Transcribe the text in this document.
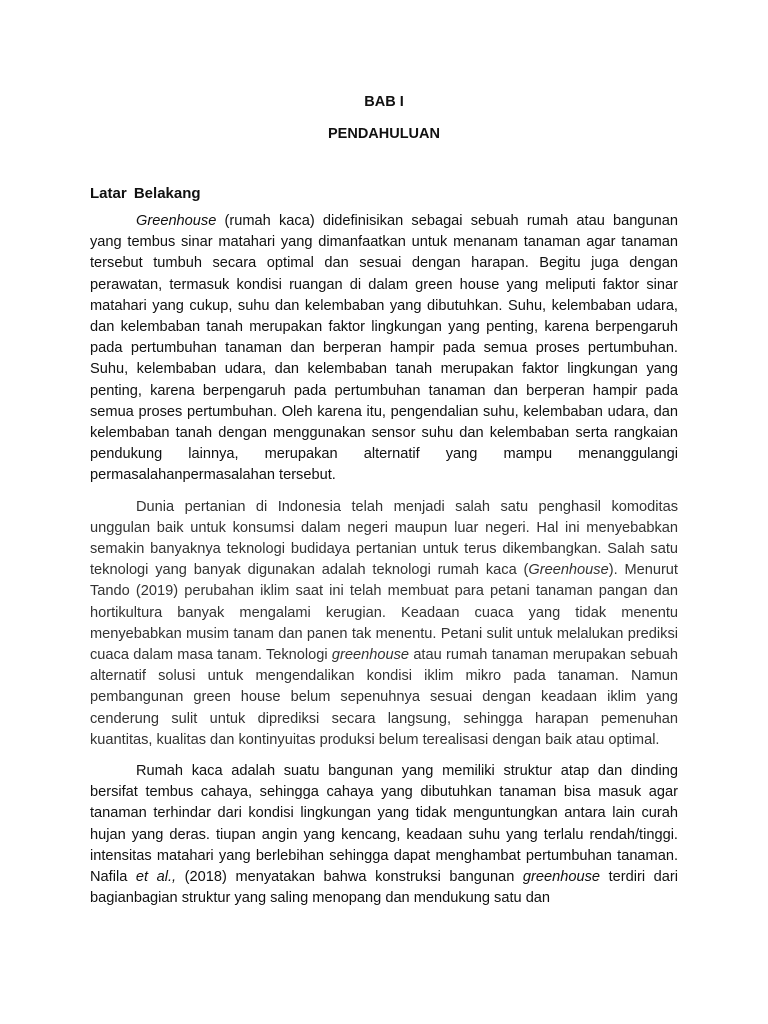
BAB I

PENDAHULUAN

Latar Belakang

Greenhouse (rumah kaca) didefinisikan sebagai sebuah rumah atau bangunan yang tembus sinar matahari yang dimanfaatkan untuk menanam tanaman agar tanaman tersebut tumbuh secara optimal dan sesuai dengan harapan. Begitu juga dengan perawatan, termasuk kondisi ruangan di dalam green house yang meliputi faktor sinar matahari yang cukup, suhu dan kelembaban yang dibutuhkan. Suhu, kelembaban udara, dan kelembaban tanah merupakan faktor lingkungan yang penting, karena berpengaruh pada pertumbuhan tanaman dan berperan hampir pada semua proses pertumbuhan. Suhu, kelembaban udara, dan kelembaban tanah merupakan faktor lingkungan yang penting, karena berpengaruh pada pertumbuhan tanaman dan berperan hampir pada semua proses pertumbuhan. Oleh karena itu, pengendalian suhu, kelembaban udara, dan kelembaban tanah dengan menggunakan sensor suhu dan kelembaban serta rangkaian pendukung lainnya, merupakan alternatif yang mampu menanggulangi permasalahanpermasalahan tersebut.

Dunia pertanian di Indonesia telah menjadi salah satu penghasil komoditas unggulan baik untuk konsumsi dalam negeri maupun luar negeri. Hal ini menyebabkan semakin banyaknya teknologi budidaya pertanian untuk terus dikembangkan. Salah satu teknologi yang banyak digunakan adalah teknologi rumah kaca (Greenhouse). Menurut Tando (2019) perubahan iklim saat ini telah membuat para petani tanaman pangan dan hortikultura banyak mengalami kerugian. Keadaan cuaca yang tidak menentu menyebabkan musim tanam dan panen tak menentu. Petani sulit untuk melalukan prediksi cuaca dalam masa tanam. Teknologi greenhouse atau rumah tanaman merupakan sebuah alternatif solusi untuk mengendalikan kondisi iklim mikro pada tanaman. Namun pembangunan green house belum sepenuhnya sesuai dengan keadaan iklim yang cenderung sulit untuk diprediksi secara langsung, sehingga harapan pemenuhan kuantitas, kualitas dan kontinyuitas produksi belum terealisasi dengan baik atau optimal.

Rumah kaca adalah suatu bangunan yang memiliki struktur atap dan dinding bersifat tembus cahaya, sehingga cahaya yang dibutuhkan tanaman bisa masuk agar tanaman terhindar dari kondisi lingkungan yang tidak menguntungkan antara lain curah hujan yang deras. tiupan angin yang kencang, keadaan suhu yang terlalu rendah/tinggi. intensitas matahari yang berlebihan sehingga dapat menghambat pertumbuhan tanaman. Nafila et al., (2018) menyatakan bahwa konstruksi bangunan greenhouse terdiri dari bagianbagian struktur yang saling menopang dan mendukung satu dan
